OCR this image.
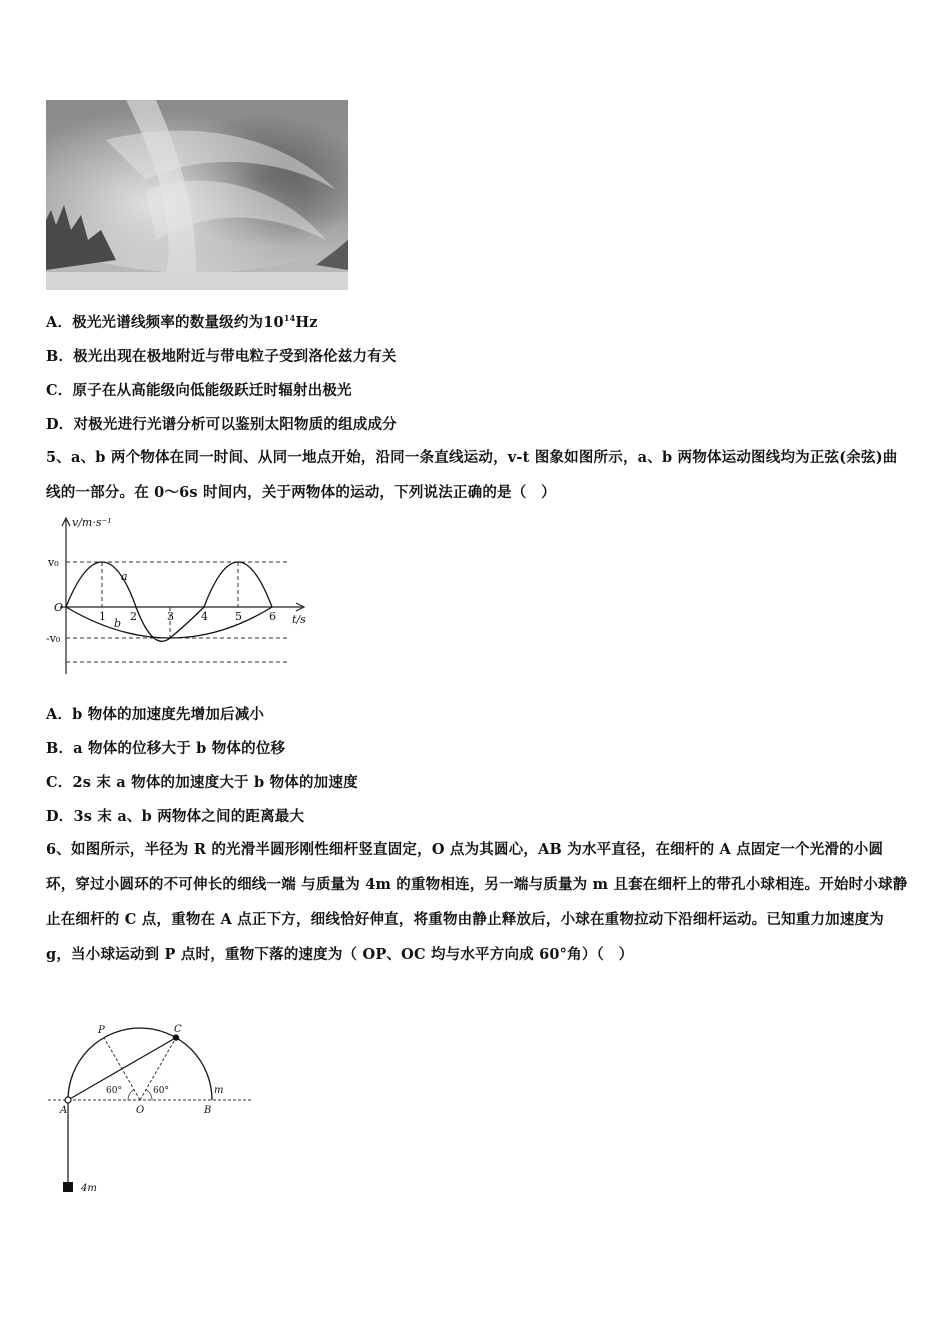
A．极光光谱线频率的数量级约为$10^{14}Hz$
B．极光出现在极地附近与带电粒子受到洛伦兹力有关
C．原子在从高能级向低能级跃迁时辐射出极光
D．对极光进行光谱分析可以鉴别太阳物质的组成成分
5、a、b 两个物体在同一时间、从同一地点开始，沿同一条直线运动，v-t 图象如图所示，a、b 两物体运动图线均为正弦(余弦)曲线的一部分。在 0～6s 时间内，关于两物体的运动，下列说法正确的是（　）
v/m·s⁻¹
t/s
O
v₀
-v₀
a
b
1 2	3 4 5 6
A．b 物体的加速度先增加后减小
B．a 物体的位移大于 b 物体的位移
C．2s 末 a 物体的加速度大于 b 物体的加速度
D．3s 末 a、b 两物体之间的距离最大
6、如图所示，半径为 R 的光滑半圆形刚性细杆竖直固定，O 点为其圆心，AB 为水平直径，在细杆的 A 点固定一个光滑的小圆环，穿过小圆环的不可伸长的细线一端 与质量为 4m 的重物相连，另一端与质量为 m 且套在细杆上的带孔小球相连。开始时小球静止在细杆的 C 点，重物在 A 点正下方，细线恰好伸直，将重物由静止释放后，小球在重物拉动下沿细杆运动。已知重力加速度为 g，当小球运动到 P 点时，重物下落的速度为（ OP、OC 均与水平方向成 60°角）（　）
P	C
A	O	B
m
4m
60°	60°
